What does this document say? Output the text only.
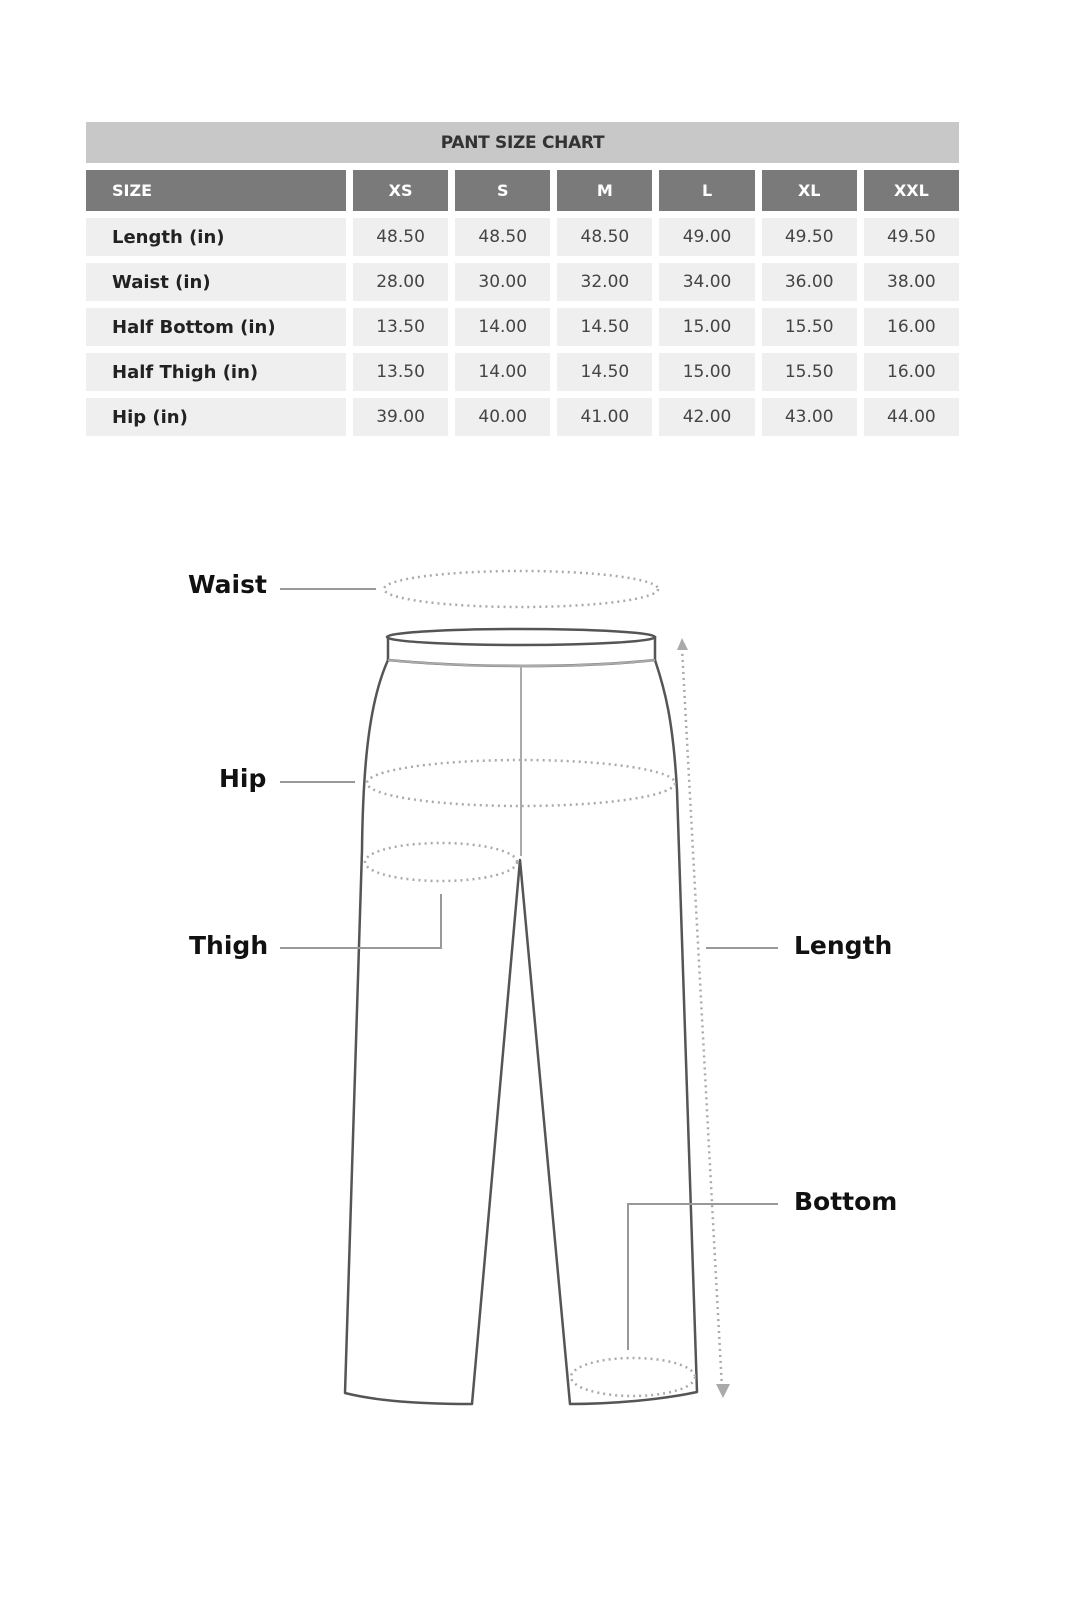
PANT SIZE CHART
SIZE	XS	S	M	L	XL	XXL
Length (in)	48.50	48.50	48.50	49.00	49.50	49.50
Waist (in)	28.00	30.00	32.00	34.00	36.00	38.00
Half Bottom (in)	13.50	14.00	14.50	15.00	15.50	16.00
Half Thigh (in)	13.50	14.00	14.50	15.00	15.50	16.00
Hip (in)	39.00	40.00	41.00	42.00	43.00	44.00
Waist
Hip
Thigh	Length
Bottom
